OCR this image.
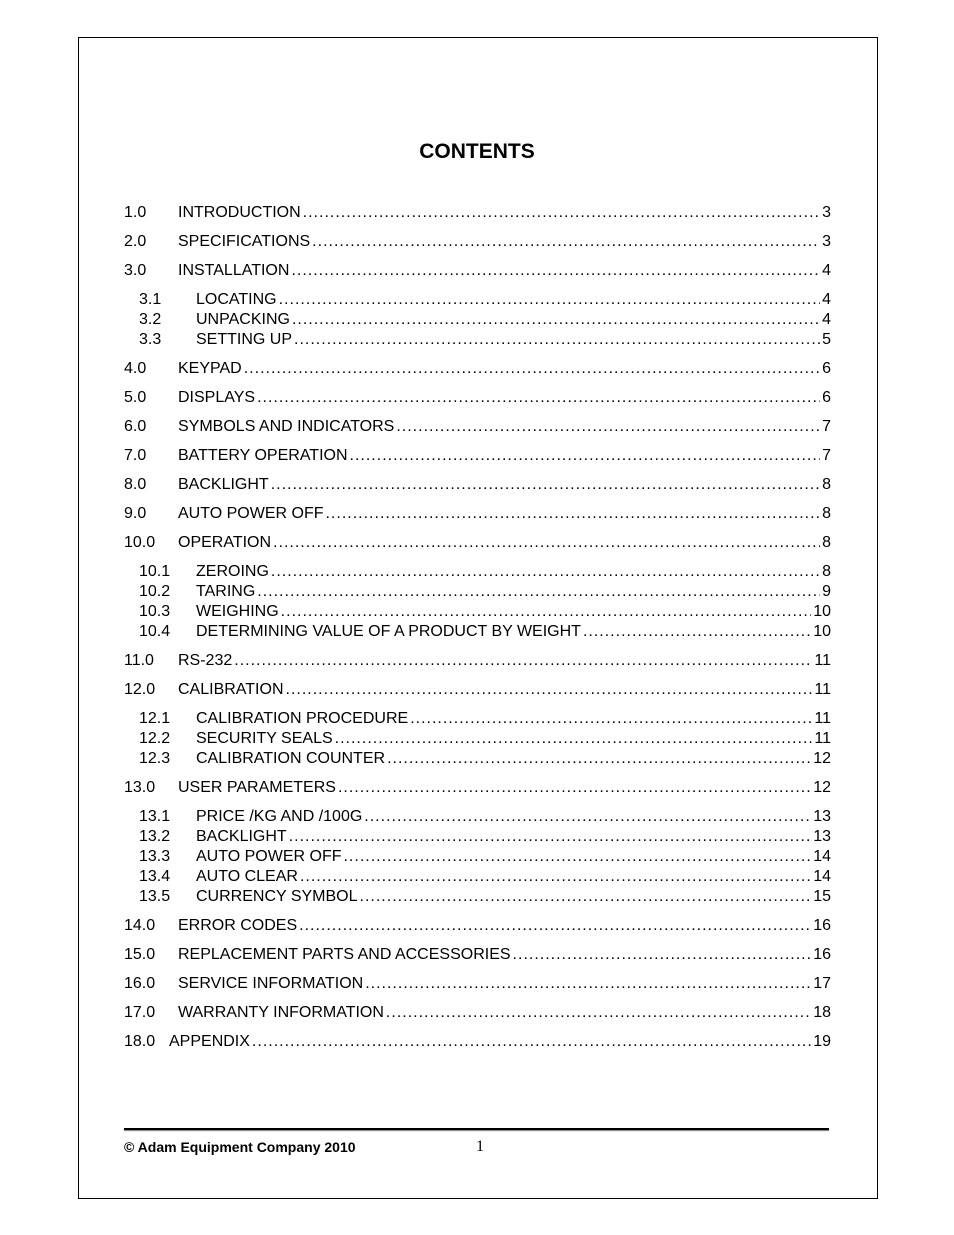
CONTENTS
1.0	INTRODUCTION .....	3
2.0	SPECIFICATIONS .....	3
3.0	INSTALLATION .....	4
3.1	LOCATING .....	4
3.2	UNPACKING .....	4
3.3	SETTING UP .....	5
4.0	KEYPAD .....	6
5.0	DISPLAYS .....	6
6.0	SYMBOLS AND INDICATORS .....	7
7.0	BATTERY OPERATION .....	7
8.0	BACKLIGHT .....	8
9.0	AUTO POWER OFF .....	8
10.0	OPERATION .....	8
10.1	ZEROING .....	8
10.2	TARING .....	9
10.3	WEIGHING .....	10
10.4	DETERMINING VALUE OF A PRODUCT BY WEIGHT .....	10
11.0	RS-232 .....	11
12.0	CALIBRATION .....	11
12.1	CALIBRATION PROCEDURE .....	11
12.2	SECURITY SEALS .....	11
12.3	CALIBRATION COUNTER .....	12
13.0	USER PARAMETERS .....	12
13.1	PRICE /KG AND /100G .....	13
13.2	BACKLIGHT .....	13
13.3	AUTO POWER OFF .....	14
13.4	AUTO CLEAR .....	14
13.5	CURRENCY SYMBOL .....	15
14.0	ERROR CODES .....	16
15.0	REPLACEMENT PARTS AND ACCESSORIES .....	16
16.0	SERVICE INFORMATION .....	17
17.0	WARRANTY INFORMATION .....	18
18.0 APPENDIX .....	19
© Adam Equipment Company 2010	1
